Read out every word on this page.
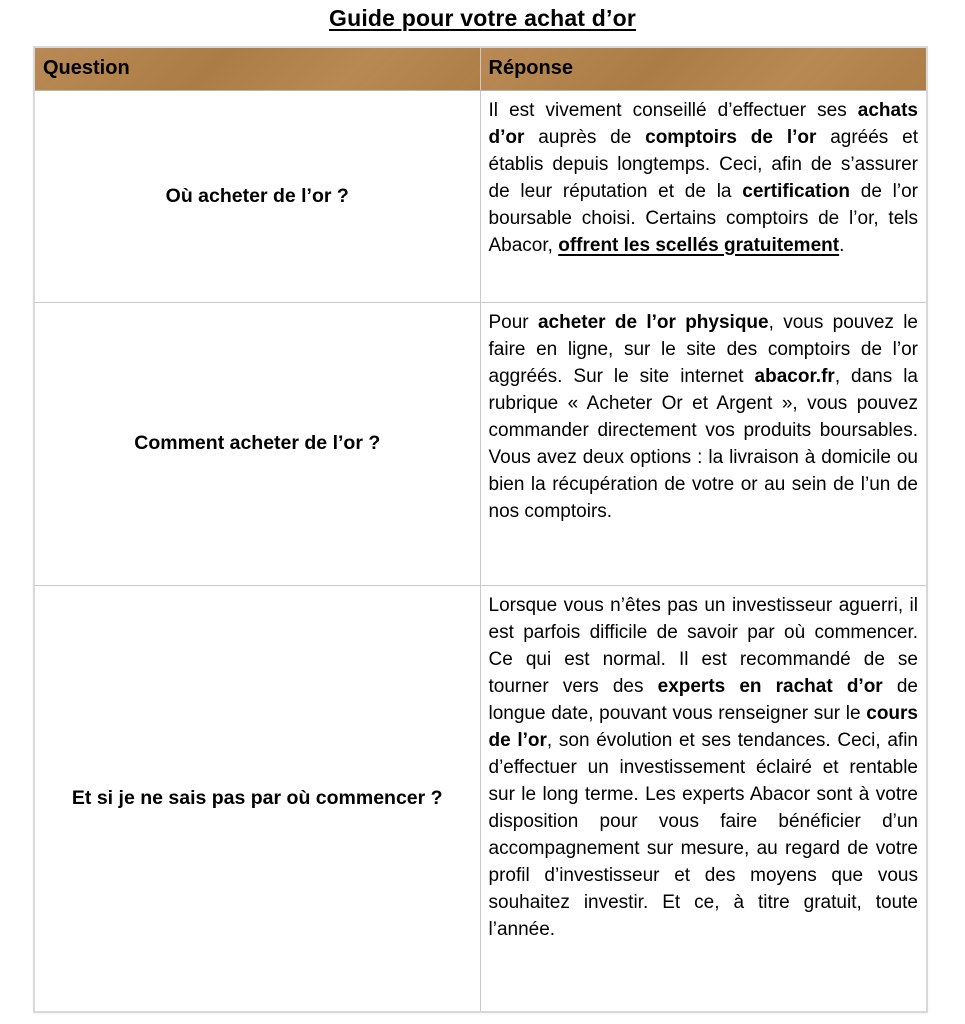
Guide pour votre achat d’or
Question	Réponse
Où acheter de l’or ?	Il est vivement conseillé d’effectuer ses achats d’or auprès de comptoirs de l’or agréés et établis depuis longtemps. Ceci, afin de s’assurer de leur réputation et de la certification de l’or boursable choisi. Certains comptoirs de l’or, tels Abacor, offrent les scellés gratuitement.
Comment acheter de l’or ?	Pour acheter de l’or physique, vous pouvez le faire en ligne, sur le site des comptoirs de l’or aggréés. Sur le site internet abacor.fr, dans la rubrique « Acheter Or et Argent », vous pouvez commander directement vos produits boursables. Vous avez deux options : la livraison à domicile ou bien la récupération de votre or au sein de l’un de nos comptoirs.
Et si je ne sais pas par où commencer ?	Lorsque vous n’êtes pas un investisseur aguerri, il est parfois difficile de savoir par où commencer. Ce qui est normal. Il est recommandé de se tourner vers des experts en rachat d’or de longue date, pouvant vous renseigner sur le cours de l’or, son évolution et ses tendances. Ceci, afin d’effectuer un investissement éclairé et rentable sur le long terme. Les experts Abacor sont à votre disposition pour vous faire bénéficier d’un accompagnement sur mesure, au regard de votre profil d’investisseur et des moyens que vous souhaitez investir. Et ce, à titre gratuit, toute l’année.
